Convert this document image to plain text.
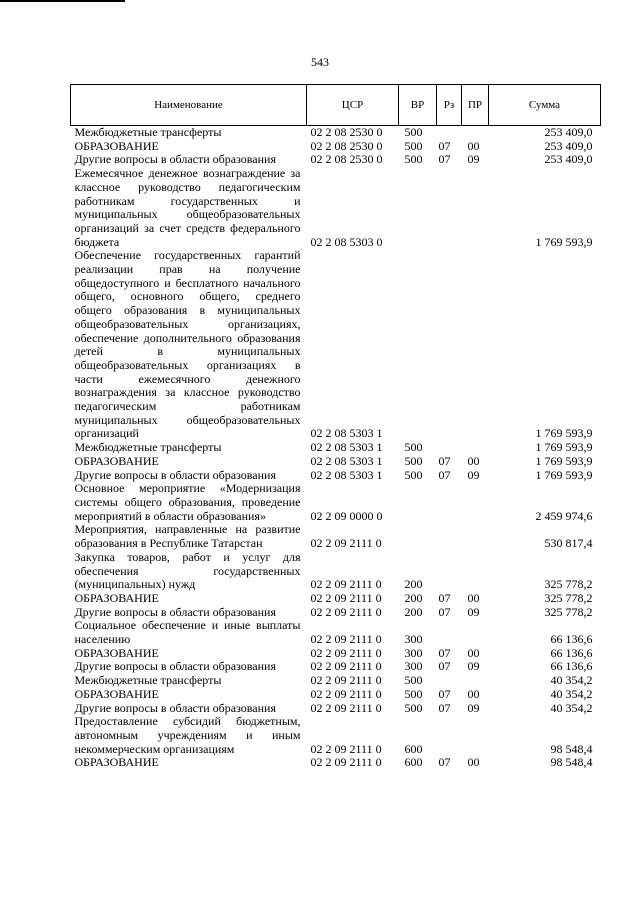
543
Наименование	ЦСР	ВР	Рз	ПР	Сумма
Межбюджетные трансферты	02 2 08 2530 0	500			253 409,0
ОБРАЗОВАНИЕ	02 2 08 2530 0	500	07	00	253 409,0
Другие вопросы в области образования	02 2 08 2530 0	500	07	09	253 409,0
Ежемесячное денежное вознаграждение за классное руководство педагогическим работникам государственных и муниципальных общеобразовательных организаций за счет средств федерального бюджета	02 2 08 5303 0				1 769 593,9
Обеспечение государственных гарантий реализации прав на получение общедоступного и бесплатного начального общего, основного общего, среднего общего образования в муниципальных общеобразовательных организациях, обеспечение дополнительного образования детей в муниципальных общеобразовательных организациях в части ежемесячного денежного вознаграждения за классное руководство педагогическим работникам муниципальных общеобразовательных организаций	02 2 08 5303 1				1 769 593,9
Межбюджетные трансферты	02 2 08 5303 1	500			1 769 593,9
ОБРАЗОВАНИЕ	02 2 08 5303 1	500	07	00	1 769 593,9
Другие вопросы в области образования	02 2 08 5303 1	500	07	09	1 769 593,9
Основное мероприятие «Модернизация системы общего образования, проведение мероприятий в области образования»	02 2 09 0000 0				2 459 974,6
Мероприятия, направленные на развитие образования в Республике Татарстан	02 2 09 2111 0				530 817,4
Закупка товаров, работ и услуг для обеспечения государственных (муниципальных) нужд	02 2 09 2111 0	200			325 778,2
ОБРАЗОВАНИЕ	02 2 09 2111 0	200	07	00	325 778,2
Другие вопросы в области образования	02 2 09 2111 0	200	07	09	325 778,2
Социальное обеспечение и иные выплаты населению	02 2 09 2111 0	300			66 136,6
ОБРАЗОВАНИЕ	02 2 09 2111 0	300	07	00	66 136,6
Другие вопросы в области образования	02 2 09 2111 0	300	07	09	66 136,6
Межбюджетные трансферты	02 2 09 2111 0	500			40 354,2
ОБРАЗОВАНИЕ	02 2 09 2111 0	500	07	00	40 354,2
Другие вопросы в области образования	02 2 09 2111 0	500	07	09	40 354,2
Предоставление субсидий бюджетным, автономным учреждениям и иным некоммерческим организациям	02 2 09 2111 0	600			98 548,4
ОБРАЗОВАНИЕ	02 2 09 2111 0	600	07	00	98 548,4
